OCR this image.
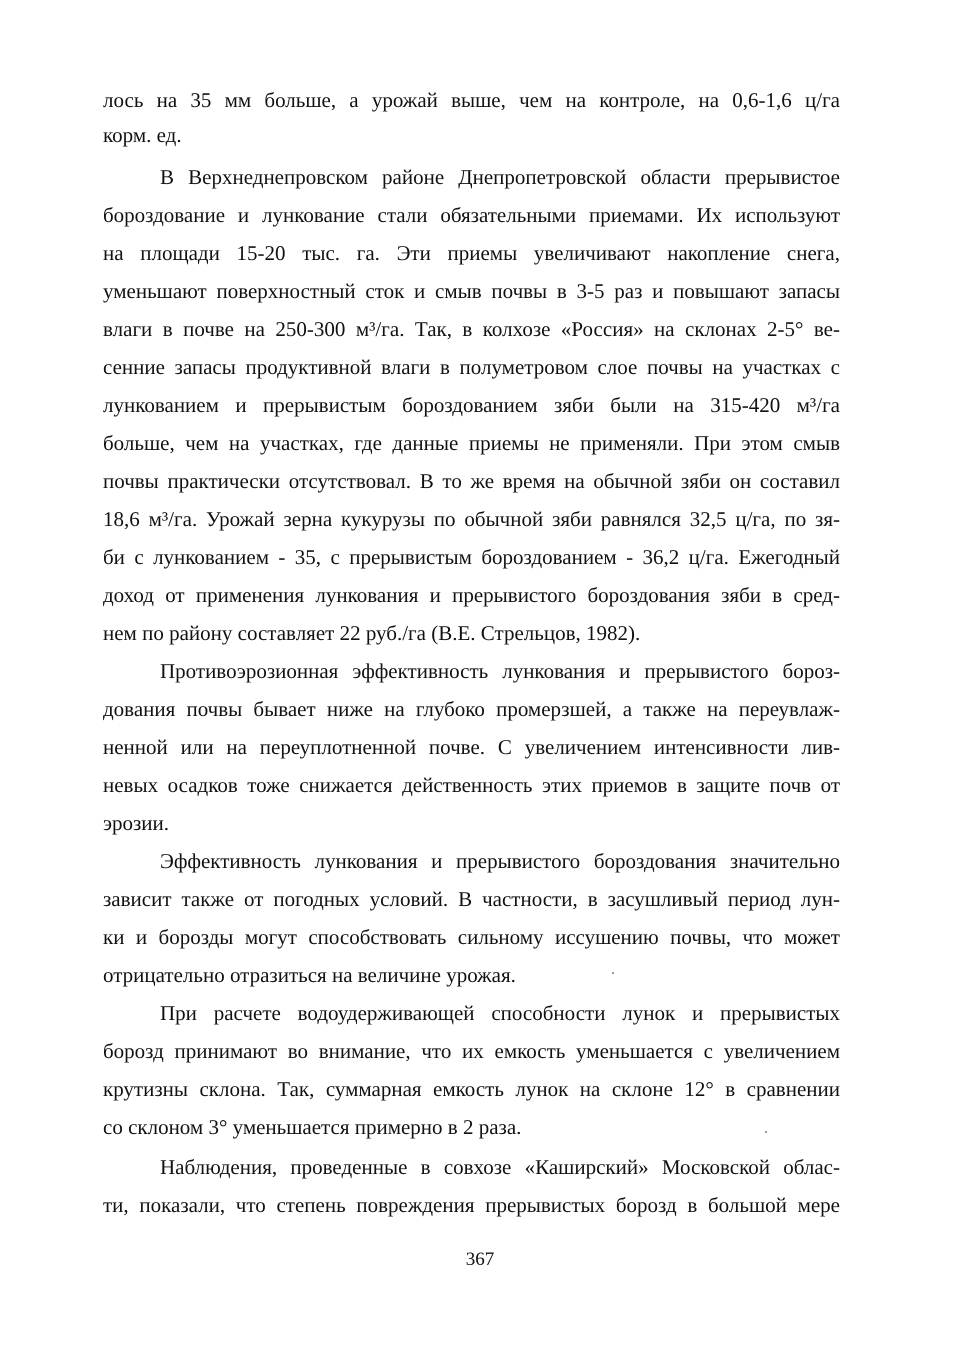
лось на 35 мм больше, а урожай выше, чем на контроле, на 0,6-1,6 ц/га
корм. ед.
В Верхнеднепровском районе Днепропетровской области прерывистое
бороздование и лункование стали обязательными приемами. Их используют
на площади 15-20 тыс. га. Эти приемы увеличивают накопление снега,
уменьшают поверхностный сток и смыв почвы в 3-5 раз и повышают запасы
влаги в почве на 250-300 м³/га. Так, в колхозе «Россия» на склонах 2-5° ве-
сенние запасы продуктивной влаги в полуметровом слое почвы на участках с
лункованием и прерывистым бороздованием зяби были на 315-420 м³/га
больше, чем на участках, где данные приемы не применяли. При этом смыв
почвы практически отсутствовал. В то же время на обычной зяби он составил
18,6 м³/га. Урожай зерна кукурузы по обычной зяби равнялся 32,5 ц/га, по зя-
би с лункованием - 35, с прерывистым бороздованием - 36,2 ц/га. Ежегодный
доход от применения лункования и прерывистого бороздования зяби в сред-
нем по району составляет 22 руб./га (В.Е. Стрельцов, 1982).
Противоэрозионная эффективность лункования и прерывистого бороз-
дования почвы бывает ниже на глубоко промерзшей, а также на переувлаж-
ненной или на переуплотненной почве. С увеличением интенсивности лив-
невых осадков тоже снижается действенность этих приемов в защите почв от
эрозии.
Эффективность лункования и прерывистого бороздования значительно
зависит также от погодных условий. В частности, в засушливый период лун-
ки и борозды могут способствовать сильному иссушению почвы, что может
отрицательно отразиться на величине урожая.
При расчете водоудерживающей способности лунок и прерывистых
борозд принимают во внимание, что их емкость уменьшается с увеличением
крутизны склона. Так, суммарная емкость лунок на склоне 12° в сравнении
со склоном 3° уменьшается примерно в 2 раза.
Наблюдения, проведенные в совхозе «Каширский» Московской облас-
ти, показали, что степень повреждения прерывистых борозд в большой мере
367
